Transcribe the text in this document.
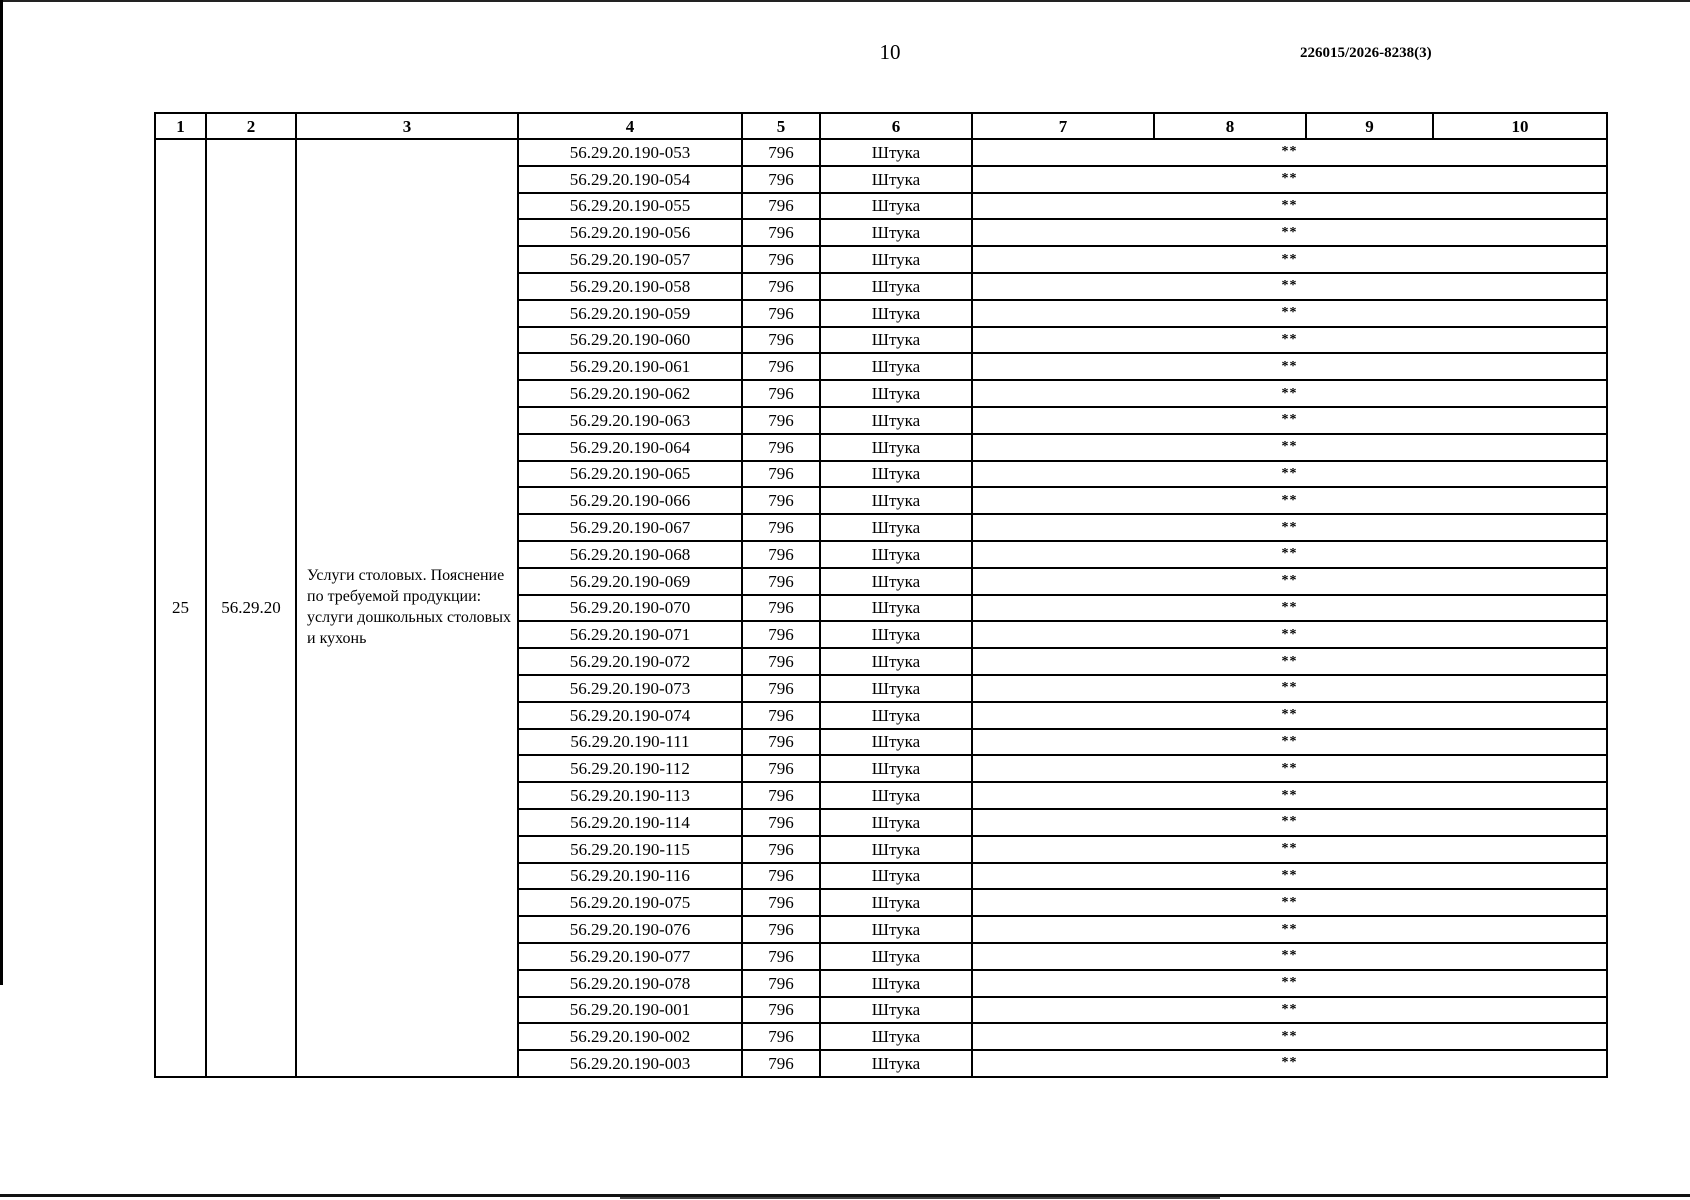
10	226015/2026-8238(3)
1	2	3	4	5	6	7	8	9	10
25	56.29.20	Услуги столовых. Пояснение по требуемой продукции: услуги дошкольных столовых и кухонь	56.29.20.190-053	796	Штука	**			
			56.29.20.190-054	796	Штука	**			
			56.29.20.190-055	796	Штука	**			
			56.29.20.190-056	796	Штука	**			
			56.29.20.190-057	796	Штука	**			
			56.29.20.190-058	796	Штука	**			
			56.29.20.190-059	796	Штука	**			
			56.29.20.190-060	796	Штука	**			
			56.29.20.190-061	796	Штука	**			
			56.29.20.190-062	796	Штука	**			
			56.29.20.190-063	796	Штука	**			
			56.29.20.190-064	796	Штука	**			
			56.29.20.190-065	796	Штука	**			
			56.29.20.190-066	796	Штука	**			
			56.29.20.190-067	796	Штука	**			
			56.29.20.190-068	796	Штука	**			
			56.29.20.190-069	796	Штука	**			
			56.29.20.190-070	796	Штука	**			
			56.29.20.190-071	796	Штука	**			
			56.29.20.190-072	796	Штука	**			
			56.29.20.190-073	796	Штука	**			
			56.29.20.190-074	796	Штука	**			
			56.29.20.190-111	796	Штука	**			
			56.29.20.190-112	796	Штука	**			
			56.29.20.190-113	796	Штука	**			
			56.29.20.190-114	796	Штука	**			
			56.29.20.190-115	796	Штука	**			
			56.29.20.190-116	796	Штука	**			
			56.29.20.190-075	796	Штука	**			
			56.29.20.190-076	796	Штука	**			
			56.29.20.190-077	796	Штука	**			
			56.29.20.190-078	796	Штука	**			
			56.29.20.190-001	796	Штука	**			
			56.29.20.190-002	796	Штука	**			
			56.29.20.190-003	796	Штука	**			
